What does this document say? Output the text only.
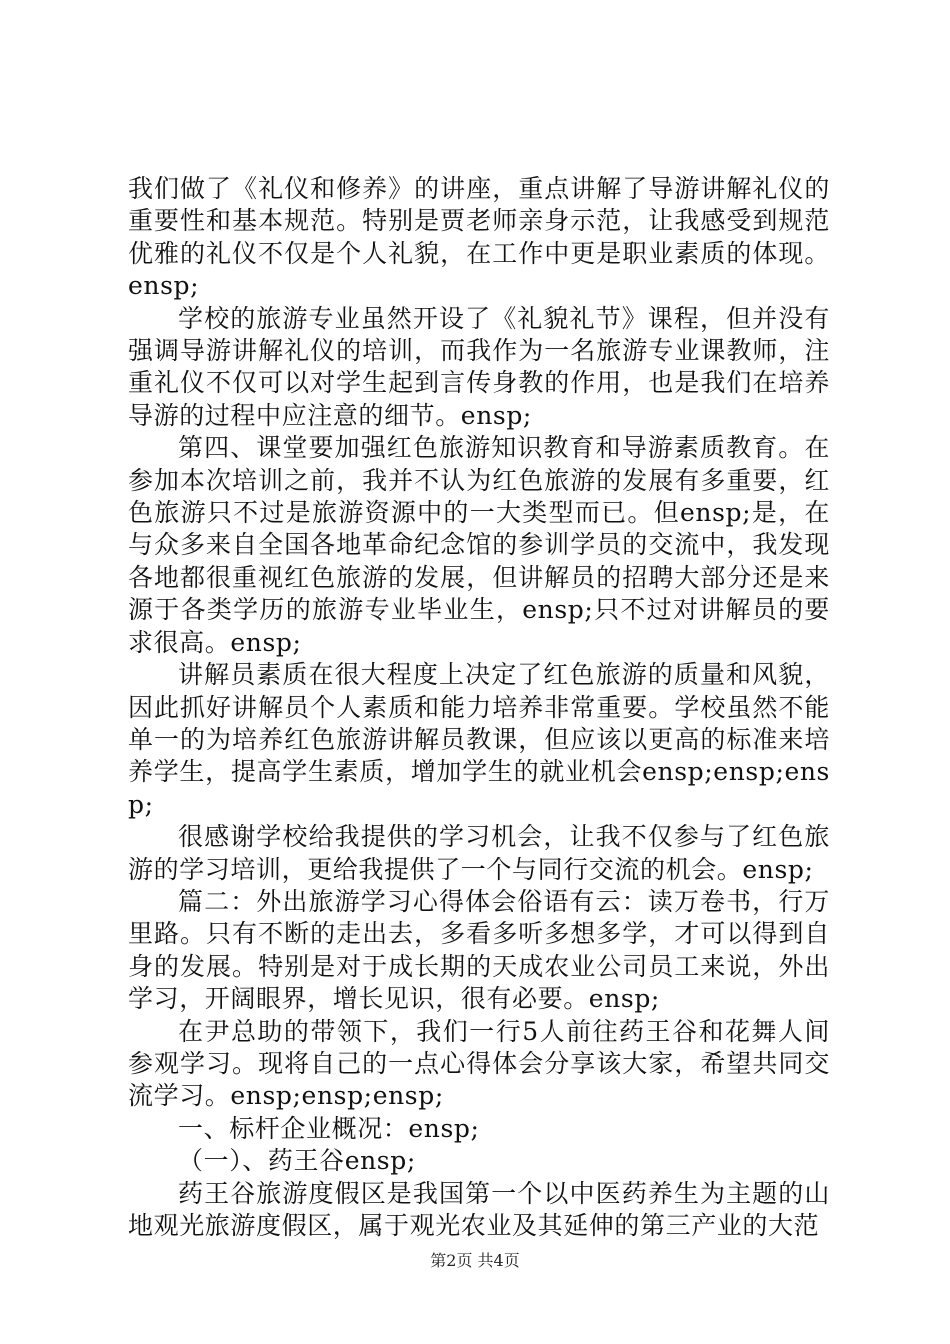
我们做了《礼仪和修养》的讲座，重点讲解了导游讲解礼仪的重要性和基本规范。特别是贾老师亲身示范，让我感受到规范优雅的礼仪不仅是个人礼貌，在工作中更是职业素质的体现。ensp;

学校的旅游专业虽然开设了《礼貌礼节》课程，但并没有强调导游讲解礼仪的培训，而我作为一名旅游专业课教师，注重礼仪不仅可以对学生起到言传身教的作用，也是我们在培养导游的过程中应注意的细节。ensp;

第四、课堂要加强红色旅游知识教育和导游素质教育。在参加本次培训之前，我并不认为红色旅游的发展有多重要，红色旅游只不过是旅游资源中的一大类型而已。但ensp;是，在与众多来自全国各地革命纪念馆的参训学员的交流中，我发现各地都很重视红色旅游的发展，但讲解员的招聘大部分还是来源于各类学历的旅游专业毕业生，ensp;只不过对讲解员的要求很高。ensp;

讲解员素质在很大程度上决定了红色旅游的质量和风貌，因此抓好讲解员个人素质和能力培养非常重要。学校虽然不能单一的为培养红色旅游讲解员教课，但应该以更高的标准来培养学生，提高学生素质，增加学生的就业机会ensp;ensp;ensp;

很感谢学校给我提供的学习机会，让我不仅参与了红色旅游的学习培训，更给我提供了一个与同行交流的机会。ensp;

篇二：外出旅游学习心得体会俗语有云：读万卷书，行万里路。只有不断的走出去，多看多听多想多学，才可以得到自身的发展。特别是对于成长期的天成农业公司员工来说，外出学习，开阔眼界，增长见识，很有必要。ensp;

在尹总助的带领下，我们一行5人前往药王谷和花舞人间参观学习。现将自己的一点心得体会分享该大家，希望共同交流学习。ensp;ensp;ensp;

一、标杆企业概况：ensp;

（一）、药王谷ensp;

药王谷旅游度假区是我国第一个以中医药养生为主题的山地观光旅游度假区，属于观光农业及其延伸的第三产业的大范

第2页 共4页
